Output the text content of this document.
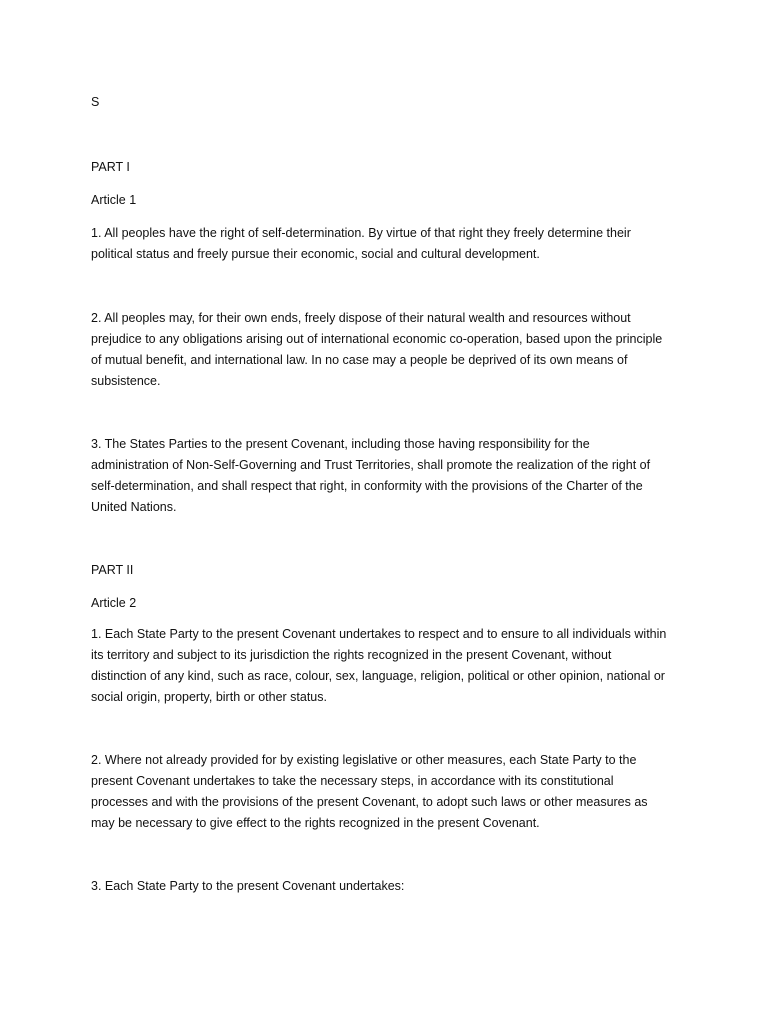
S

PART I

Article 1

1. All peoples have the right of self-determination. By virtue of that right they freely determine their
political status and freely pursue their economic, social and cultural development.
2. All peoples may, for their own ends, freely dispose of their natural wealth and resources without
prejudice to any obligations arising out of international economic co-operation, based upon the principle
of mutual benefit, and international law. In no case may a people be deprived of its own means of
subsistence.
3. The States Parties to the present Covenant, including those having responsibility for the
administration of Non-Self-Governing and Trust Territories, shall promote the realization of the right of
self-determination, and shall respect that right, in conformity with the provisions of the Charter of the
United Nations.

PART II

Article 2

1. Each State Party to the present Covenant undertakes to respect and to ensure to all individuals within
its territory and subject to its jurisdiction the rights recognized in the present Covenant, without
distinction of any kind, such as race, colour, sex, language, religion, political or other opinion, national or
social origin, property, birth or other status.
2. Where not already provided for by existing legislative or other measures, each State Party to the
present Covenant undertakes to take the necessary steps, in accordance with its constitutional
processes and with the provisions of the present Covenant, to adopt such laws or other measures as
may be necessary to give effect to the rights recognized in the present Covenant.
3. Each State Party to the present Covenant undertakes:
